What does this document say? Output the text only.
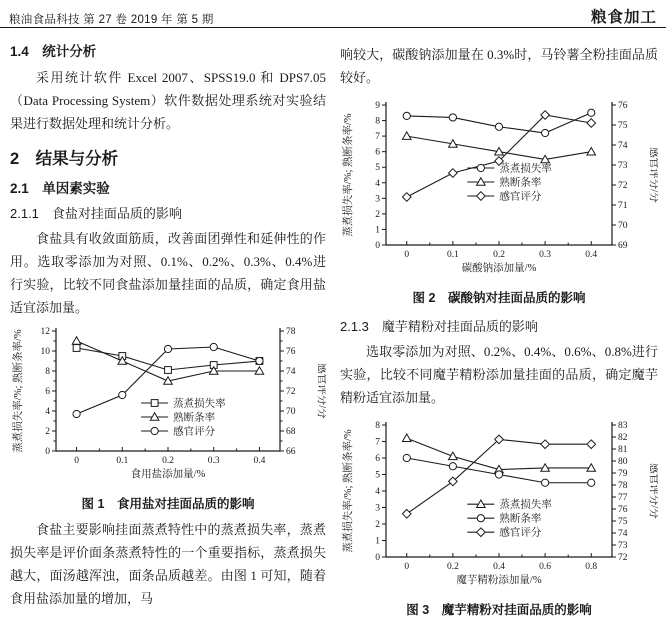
粮油食品科技 第 27 卷 2019 年 第 5 期	粮食加工
1.4　统计分析

采用统计软件 Excel 2007、SPSS19.0 和 DPS7.05（Data Processing System）软件数据处理系统对实验结果进行数据处理和统计分析。

2　结果与分析
2.1　单因素实验
2.1.1　食盐对挂面品质的影响

食盐具有收敛面筋质，改善面团弹性和延伸性的作用。选取零添加为对照、0.1%、0.2%、0.3%、0.4%进行实验，比较不同食盐添加量挂面的品质，确定食用盐适宜添加量。

0
2
4
6
8
10
12
66
68
70
72
74
76
78
0	0.1	0.2	0.3	0.4
蒸煮损失率/%; 熟断条率/%	感官评分/分
食用盐添加量/%
蒸煮损失率
熟断条率
感官评分
图 1　食用盐对挂面品质的影响

食盐主要影响挂面蒸煮特性中的蒸煮损失率，蒸煮损失率是评价面条蒸煮特性的一个重要指标，蒸煮损失越大，面汤越浑浊，面条品质越差。由图 1 可知，随着食用盐添加量的增加，马

响较大，碳酸钠添加量在 0.3%时，马铃薯全粉挂面品质较好。

0
1
2
3
4
5
6
7
8
9
69
70
71
72
73
74
75
76
0	0.1	0.2	0.3	0.4
蒸煮损失率/%; 熟断条率/%	感官评分/分
碳酸钠添加量/%
蒸煮损失率
熟断条率
感官评分
图 2　碳酸钠对挂面品质的影响
2.1.3　魔芋精粉对挂面品质的影响

选取零添加为对照、0.2%、0.4%、0.6%、0.8%进行实验，比较不同魔芋精粉添加量挂面的品质，确定魔芋精粉适宜添加量。

0
1
2
3
4
5
6
7
8
72
73
74
75
76
77
78
79
80
81
82
83
0	0.2	0.4	0.6	0.8
蒸煮损失率/%; 熟断条率/%	感官评分/分
魔芋精粉添加量/%
蒸煮损失率
熟断条率
感官评分
图 3　魔芋精粉对挂面品质的影响
